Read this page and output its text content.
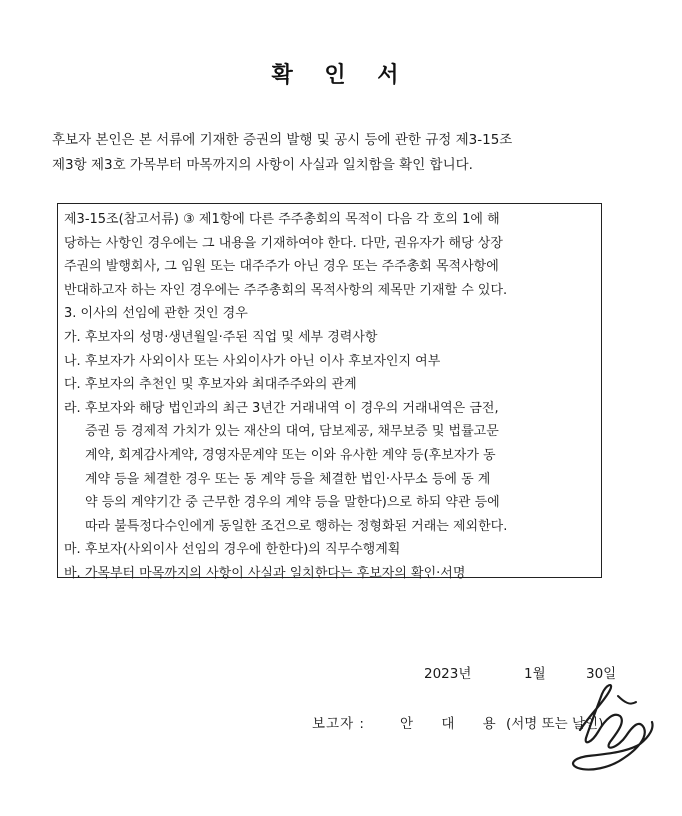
확 인 서
후보자 본인은 본 서류에 기재한 증권의 발행 및 공시 등에 관한 규정 제3-15조
제3항 제3호 가목부터 마목까지의 사항이 사실과 일치함을 확인 합니다.
제3-15조(참고서류) ③ 제1항에 다른 주주총회의 목적이 다음 각 호의 1에 해
당하는 사항인 경우에는 그 내용을 기재하여야 한다. 다만, 권유자가 해당 상장
주권의 발행회사, 그 임원 또는 대주주가 아닌 경우 또는 주주총회 목적사항에
반대하고자 하는 자인 경우에는 주주총회의 목적사항의 제목만 기재할 수 있다.
3. 이사의 선임에 관한 것인 경우
가. 후보자의 성명·생년월일·주된 직업 및 세부 경력사항
나. 후보자가 사외이사 또는 사외이사가 아닌 이사 후보자인지 여부
다. 후보자의 추천인 및 후보자와 최대주주와의 관계
라. 후보자와 해당 법인과의 최근 3년간 거래내역 이 경우의 거래내역은 금전,
증권 등 경제적 가치가 있는 재산의 대여, 담보제공, 채무보증 및 법률고문
계약, 회계감사계약, 경영자문계약 또는 이와 유사한 계약 등(후보자가 동
계약 등을 체결한 경우 또는 동 계약 등을 체결한 법인·사무소 등에 동 계
약 등의 계약기간 중 근무한 경우의 계약 등을 말한다)으로 하되 약관 등에
따라 불특정다수인에게 동일한 조건으로 행하는 정형화된 거래는 제외한다.
마. 후보자(사외이사 선임의 경우에 한한다)의 직무수행계획
바. 가목부터 마목까지의 사항이 사실과 일치한다는 후보자의 확인·서명
2023년	1월	30일
보고자 :	안 대 용
(서명 또는 날인)
